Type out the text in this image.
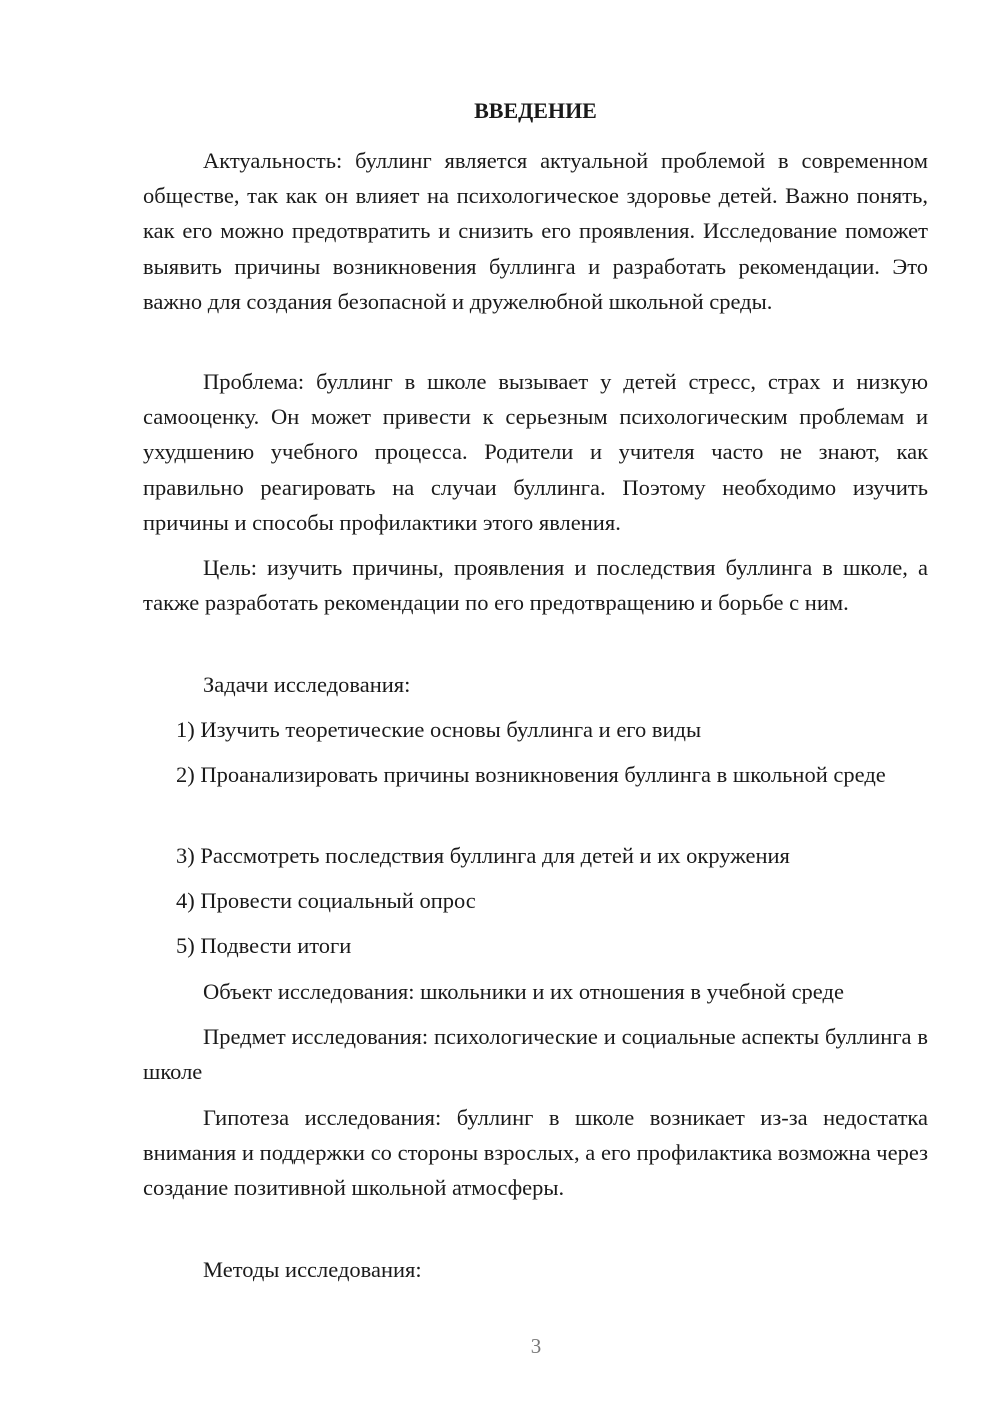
ВВЕДЕНИЕ

Актуальность: буллинг является актуальной проблемой в современном обществе, так как он влияет на психологическое здоровье детей. Важно понять, как его можно предотвратить и снизить его проявления. Исследование поможет выявить причины возникновения буллинга и разработать рекомендации. Это важно для создания безопасной и дружелюбной школьной среды.

Проблема: буллинг в школе вызывает у детей стресс, страх и низкую самооценку. Он может привести к серьезным психологическим проблемам и ухудшению учебного процесса. Родители и учителя часто не знают, как правильно реагировать на случаи буллинга. Поэтому необходимо изучить причины и способы профилактики этого явления.

Цель: изучить причины, проявления и последствия буллинга в школе, а также разработать рекомендации по его предотвращению и борьбе с ним.

Задачи исследования:

1) Изучить теоретические основы буллинга и его виды

2) Проанализировать причины возникновения буллинга в школьной среде

3) Рассмотреть последствия буллинга для детей и их окружения

4) Провести социальный опрос

5) Подвести итоги

Объект исследования: школьники и их отношения в учебной среде

Предмет исследования: психологические и социальные аспекты буллинга в школе

Гипотеза исследования: буллинг в школе возникает из-за недостатка внимания и поддержки со стороны взрослых, а его профилактика возможна через создание позитивной школьной атмосферы.

Методы исследования:

3
